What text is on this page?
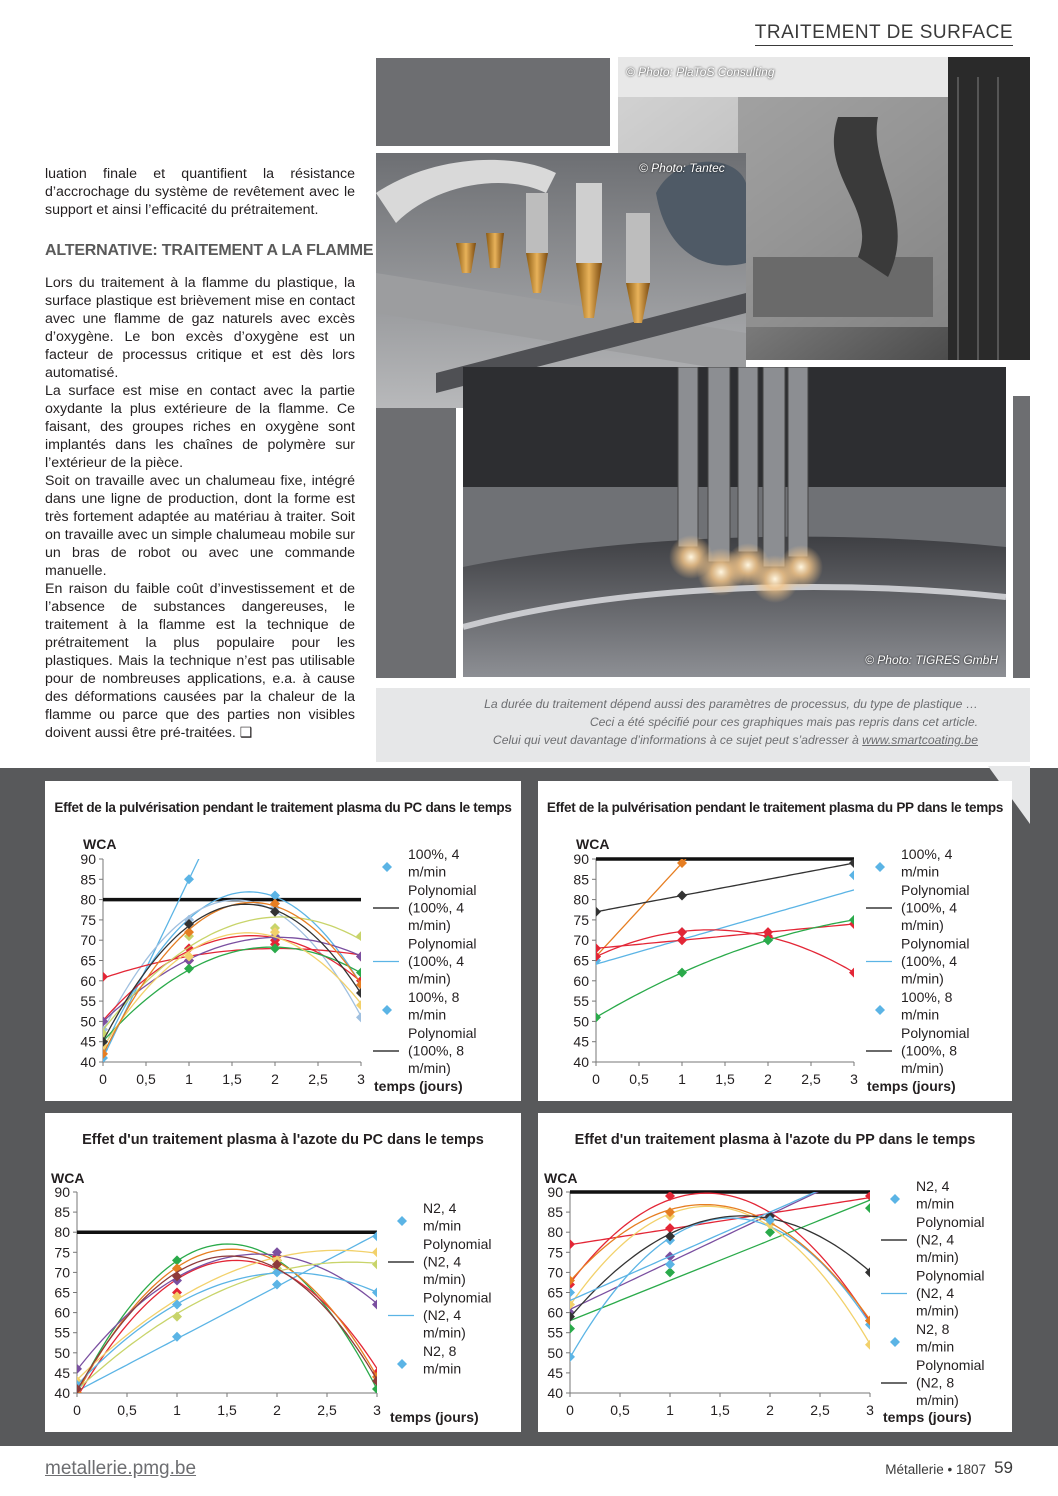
TRAITEMENT DE SURFACE
luation finale et quantifient la résistance d’accrochage du système de revêtement avec le support et ainsi l’efficacité du prétraitement.
ALTERNATIVE: TRAITEMENT A LA FLAMME
Lors du traitement à la flamme du plastique, la surface plastique est brièvement mise en contact avec une flamme de gaz naturels avec excès d’oxygène. Le bon excès d’oxygène est un facteur de processus critique et est dès lors automatisé.
La surface est mise en contact avec la partie oxydante la plus extérieure de la flamme. Ce faisant, des groupes riches en oxygène sont implantés dans les chaînes de polymère sur l’extérieur de la pièce.
Soit on travaille avec un chalumeau fixe, intégré dans une ligne de production, dont la forme est très fortement adaptée au matériau à traiter. Soit on travaille avec un simple chalumeau mobile sur un bras de robot ou avec une commande manuelle.
En raison du faible coût d’investissement et de l’absence de substances dangereuses, le traitement à la flamme est la technique de prétraitement la plus populaire pour les plastiques. Mais la technique n’est pas utilisable pour de nombreuses applications, e.a. à cause des déformations causées par la chaleur de la flamme ou parce que des parties non visibles doivent aussi être pré-traitées. ❑
© Photo: PlaToS Consulting
© Photo: Tantec
© Photo: TIGRES GmbH
La durée du traitement dépend aussi des paramètres de processus, du type de plastique …
Ceci a été spécifié pour ces graphiques mais pas repris dans cet article.
Celui qui veut davantage d’informations à ce sujet peut s’adresser à www.smartcoating.be
Effet de la pulvérisation pendant le traitement plasma du PC dans le temps
40
45
50
55
60
65
70
75
80
85
90
0 0,5 1 1,5 2 2,5 3
WCA
temps (jours)
100%, 4 m/min
Polynomial (100%, 4 m/min)
Polynomial (100%, 4 m/min)
100%, 8 m/min
Polynomial (100%, 8 m/min)
Effet de la pulvérisation pendant le traitement plasma du PP dans le temps
40
45
50
55
60
65
70
75
80
85
90
0 0,5 1 1,5 2 2,5 3
WCA
temps (jours)
100%, 4 m/min
Polynomial (100%, 4 m/min)
Polynomial (100%, 4 m/min)
100%, 8 m/min
Polynomial (100%, 8 m/min)
Effet d'un traitement plasma à l'azote du PC dans le temps
40
45
50
55
60
65
70
75
80
85
90
0	0,5	1	1,5	2	2,5	3
WCA
temps (jours)
N2, 4 m/min
Polynomial (N2, 4 m/min)
Polynomial (N2, 4 m/min)
N2, 8 m/min
Effet d'un traitement plasma à l'azote du PP dans le temps
40
45
50
55
60
65
70
75
80
85
90
0	0,5	1	1,5	2	2,5	3
WCA
temps (jours)
N2, 4 m/min
Polynomial (N2, 4 m/min)
Polynomial (N2, 4 m/min)
N2, 8 m/min
Polynomial (N2, 8 m/min)
metallerie.pmg.be	Métallerie • 1807 59
